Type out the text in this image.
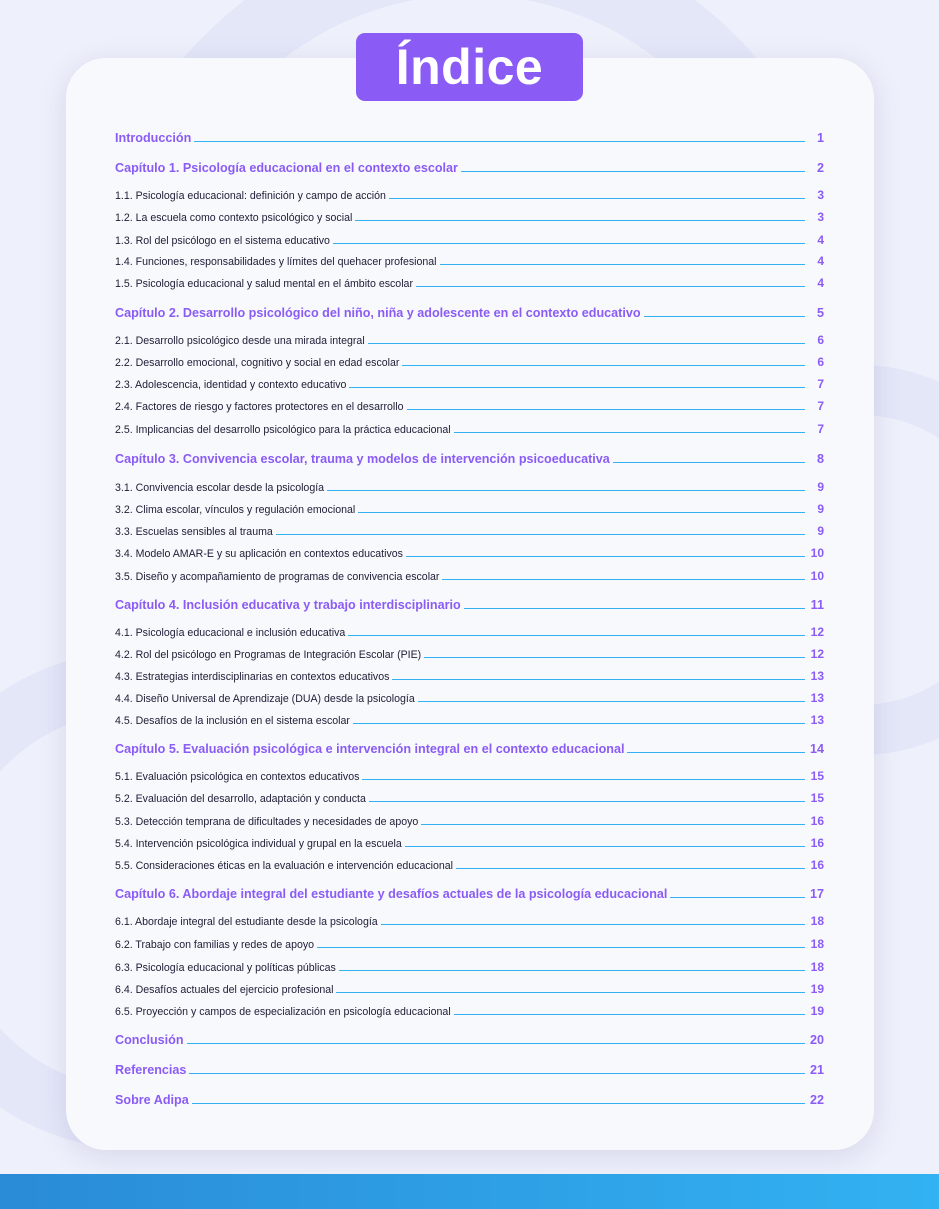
Índice
Introducción	1
Capítulo 1. Psicología educacional en el contexto escolar	2
1.1. Psicología educacional: definición y campo de acción	3
1.2. La escuela como contexto psicológico y social	3
1.3. Rol del psicólogo en el sistema educativo	4
1.4. Funciones, responsabilidades y límites del quehacer profesional	4
1.5. Psicología educacional y salud mental en el ámbito escolar	4
Capítulo 2. Desarrollo psicológico del niño, niña y adolescente en el contexto educativo	5
2.1. Desarrollo psicológico desde una mirada integral	6
2.2. Desarrollo emocional, cognitivo y social en edad escolar	6
2.3. Adolescencia, identidad y contexto educativo	7
2.4. Factores de riesgo y factores protectores en el desarrollo	7
2.5. Implicancias del desarrollo psicológico para la práctica educacional	7
Capítulo 3. Convivencia escolar, trauma y modelos de intervención psicoeducativa	8
3.1. Convivencia escolar desde la psicología	9
3.2. Clima escolar, vínculos y regulación emocional	9
3.3. Escuelas sensibles al trauma	9
3.4. Modelo AMAR-E y su aplicación en contextos educativos	10
3.5. Diseño y acompañamiento de programas de convivencia escolar	10
Capítulo 4. Inclusión educativa y trabajo interdisciplinario	11
4.1. Psicología educacional e inclusión educativa	12
4.2. Rol del psicólogo en Programas de Integración Escolar (PIE)	12
4.3. Estrategias interdisciplinarias en contextos educativos	13
4.4. Diseño Universal de Aprendizaje (DUA) desde la psicología	13
4.5. Desafíos de la inclusión en el sistema escolar	13
Capítulo 5. Evaluación psicológica e intervención integral en el contexto educacional	14
5.1. Evaluación psicológica en contextos educativos	15
5.2. Evaluación del desarrollo, adaptación y conducta	15
5.3. Detección temprana de dificultades y necesidades de apoyo	16
5.4. Intervención psicológica individual y grupal en la escuela	16
5.5. Consideraciones éticas en la evaluación e intervención educacional	16
Capítulo 6. Abordaje integral del estudiante y desafíos actuales de la psicología educacional	17
6.1. Abordaje integral del estudiante desde la psicología	18
6.2. Trabajo con familias y redes de apoyo	18
6.3. Psicología educacional y políticas públicas	18
6.4. Desafíos actuales del ejercicio profesional	19
6.5. Proyección y campos de especialización en psicología educacional	19
Conclusión	20
Referencias	21
Sobre Adipa	22
